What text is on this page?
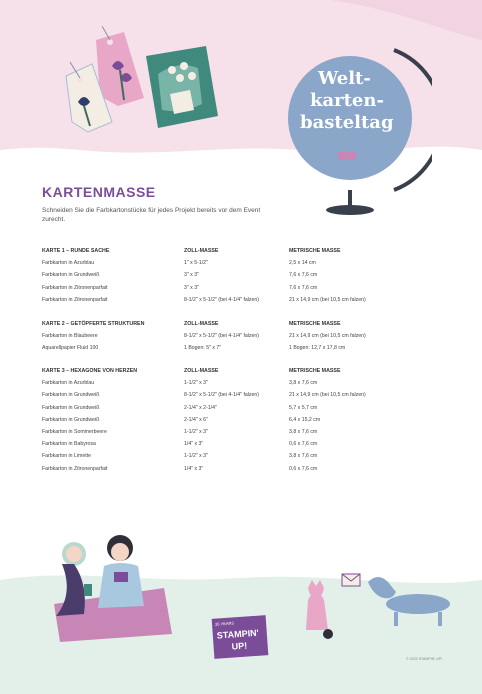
Welt-
karten-
basteltag
KARTENMASSE
Schneiden Sie die Farbkartonstücke für jedes Projekt bereits vor dem Event zurecht.
KARTE 1 – RUNDE SACHE	ZOLL-MASSE	METRISCHE MASSE
Farbkarton in Azurblau	1" x 5-1/2"	2,5 x 14 cm
Farbkarton in Grundweiß	3" x 3"	7,6 x 7,6 cm
Farbkarton in Zitronenparfait	3" x 3"	7,6 x 7,6 cm
Farbkarton in Zitronenparfait	8-1/2" x 5-1/2" (bei 4-1/4" falzen)	21 x 14,9 cm (bei 10,5 cm falzen)
KARTE 2 – GETÖPFERTE STRUKTUREN	ZOLL-MASSE	METRISCHE MASSE
Farbkarton in Blaubeere	8-1/2" x 5-1/2" (bei 4-1/4" falzen)	21 x 14,9 cm (bei 10,5 cm falzen)
Aquarellpapier Fluid 100	1 Bogen: 5" x 7"	1 Bogen: 12,7 x 17,8 cm
KARTE 3 – HEXAGONE VON HERZEN	ZOLL-MASSE	METRISCHE MASSE
Farbkarton in Azurblau	1-1/2" x 3"	3,8 x 7,6 cm
Farbkarton in Grundweiß	8-1/2" x 5-1/2" (bei 4-1/4" falzen)	21 x 14,9 cm (bei 10,5 cm falzen)
Farbkarton in Grundweiß	2-1/4" x 2-1/4"	5,7 x 5,7 cm
Farbkarton in Grundweiß	2-1/4" x 6"	6,4 x 15,2 cm
Farbkarton in Sommerbeere	1-1/2" x 3"	3,8 x 7,6 cm
Farbkarton in Babyrosa	1/4" x 3"	0,6 x 7,6 cm
Farbkarton in Limette	1-1/2" x 3"	3,8 x 7,6 cm
Farbkarton in Zitronenparfait	1/4" x 3"	0,6 x 7,6 cm
35 YEARS
STAMPIN'
UP!
© 2023 STAMPIN' UP!
